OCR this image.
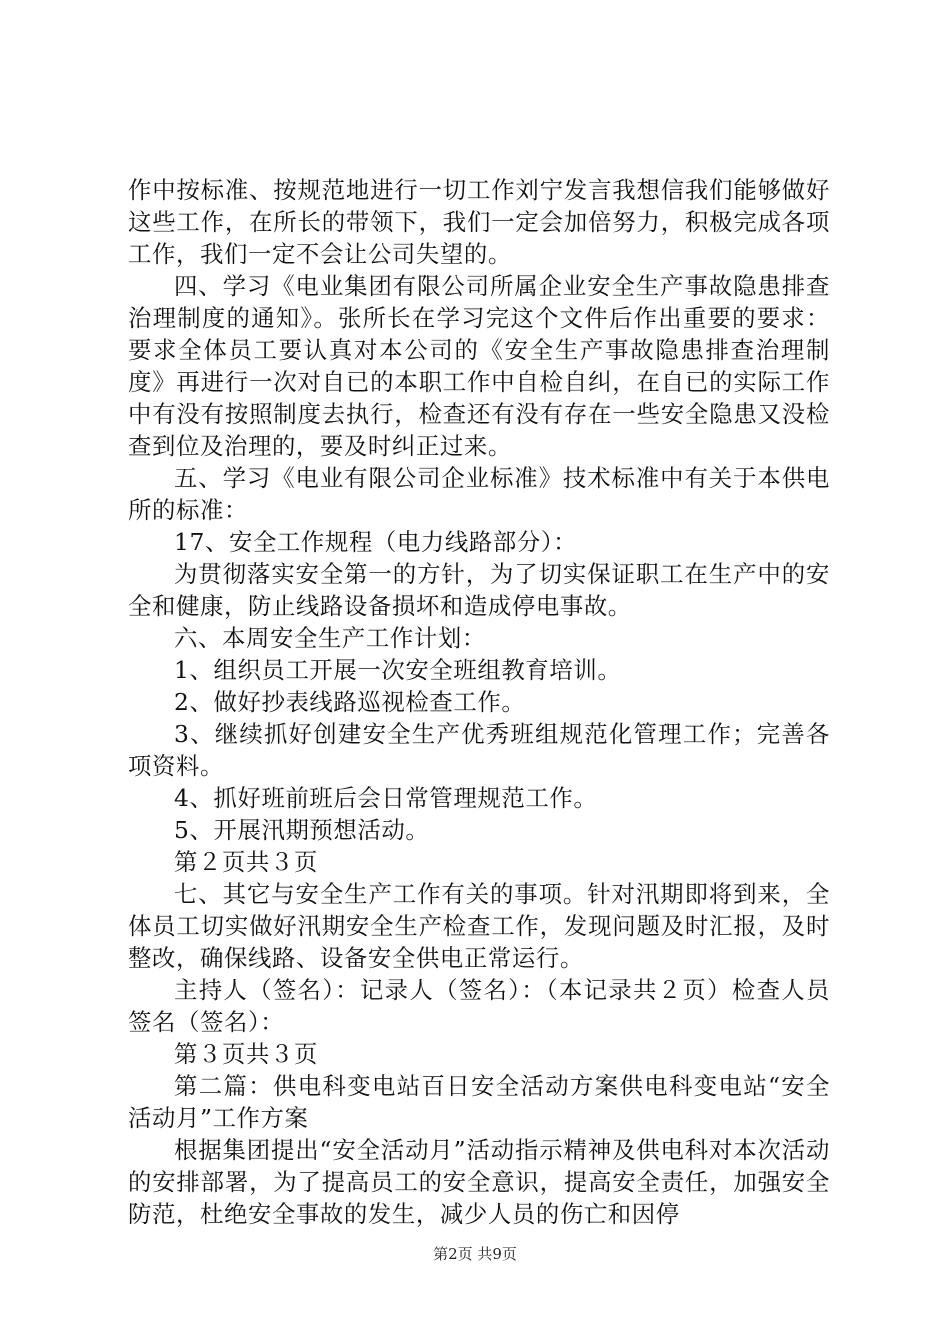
作中按标准、按规范地进行一切工作刘宁发言我想信我们能够做好这些工作，在所长的带领下，我们一定会加倍努力，积极完成各项工作，我们一定不会让公司失望的。

四、学习《电业集团有限公司所属企业安全生产事故隐患排查治理制度的通知》。张所长在学习完这个文件后作出重要的要求：要求全体员工要认真对本公司的《安全生产事故隐患排查治理制度》再进行一次对自已的本职工作中自检自纠，在自已的实际工作中有没有按照制度去执行，检查还有没有存在一些安全隐患又没检查到位及治理的，要及时纠正过来。

五、学习《电业有限公司企业标准》技术标准中有关于本供电所的标准：

17、安全工作规程（电力线路部分）：

为贯彻落实安全第一的方针，为了切实保证职工在生产中的安全和健康，防止线路设备损坏和造成停电事故。

六、本周安全生产工作计划：

1、组织员工开展一次安全班组教育培训。

2、做好抄表线路巡视检查工作。

3、继续抓好创建安全生产优秀班组规范化管理工作；完善各项资料。

4、抓好班前班后会日常管理规范工作。

5、开展汛期预想活动。

第２页共３页

七、其它与安全生产工作有关的事项。针对汛期即将到来，全体员工切实做好汛期安全生产检查工作，发现问题及时汇报，及时整改，确保线路、设备安全供电正常运行。

主持人（签名）：记录人（签名）：（本记录共２页）检查人员签名（签名）：

第３页共３页

第二篇：供电科变电站百日安全活动方案供电科变电站“安全活动月”工作方案

根据集团提出“安全活动月”活动指示精神及供电科对本次活动的安排部署，为了提高员工的安全意识，提高安全责任，加强安全防范，杜绝安全事故的发生，减少人员的伤亡和因停

第2页 共9页
